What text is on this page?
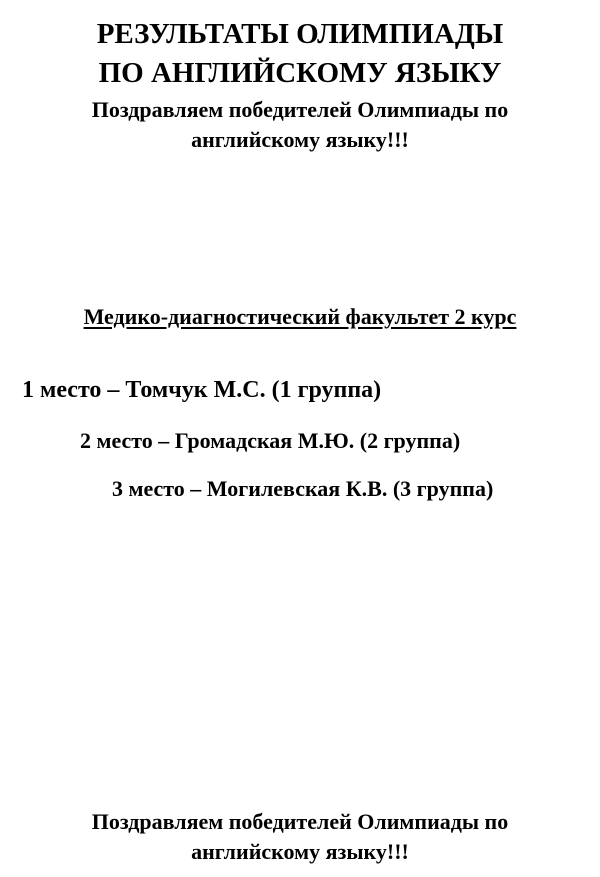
РЕЗУЛЬТАТЫ ОЛИМПИАДЫ
ПО АНГЛИЙСКОМУ ЯЗЫКУ
Поздравляем победителей Олимпиады по
английскому языку!!!
Медико-диагностический факультет 2 курс
1 место – Томчук М.С. (1 группа)
2 место – Громадская М.Ю. (2 группа)
3 место – Могилевская К.В. (3 группа)
Поздравляем победителей Олимпиады по
английскому языку!!!
